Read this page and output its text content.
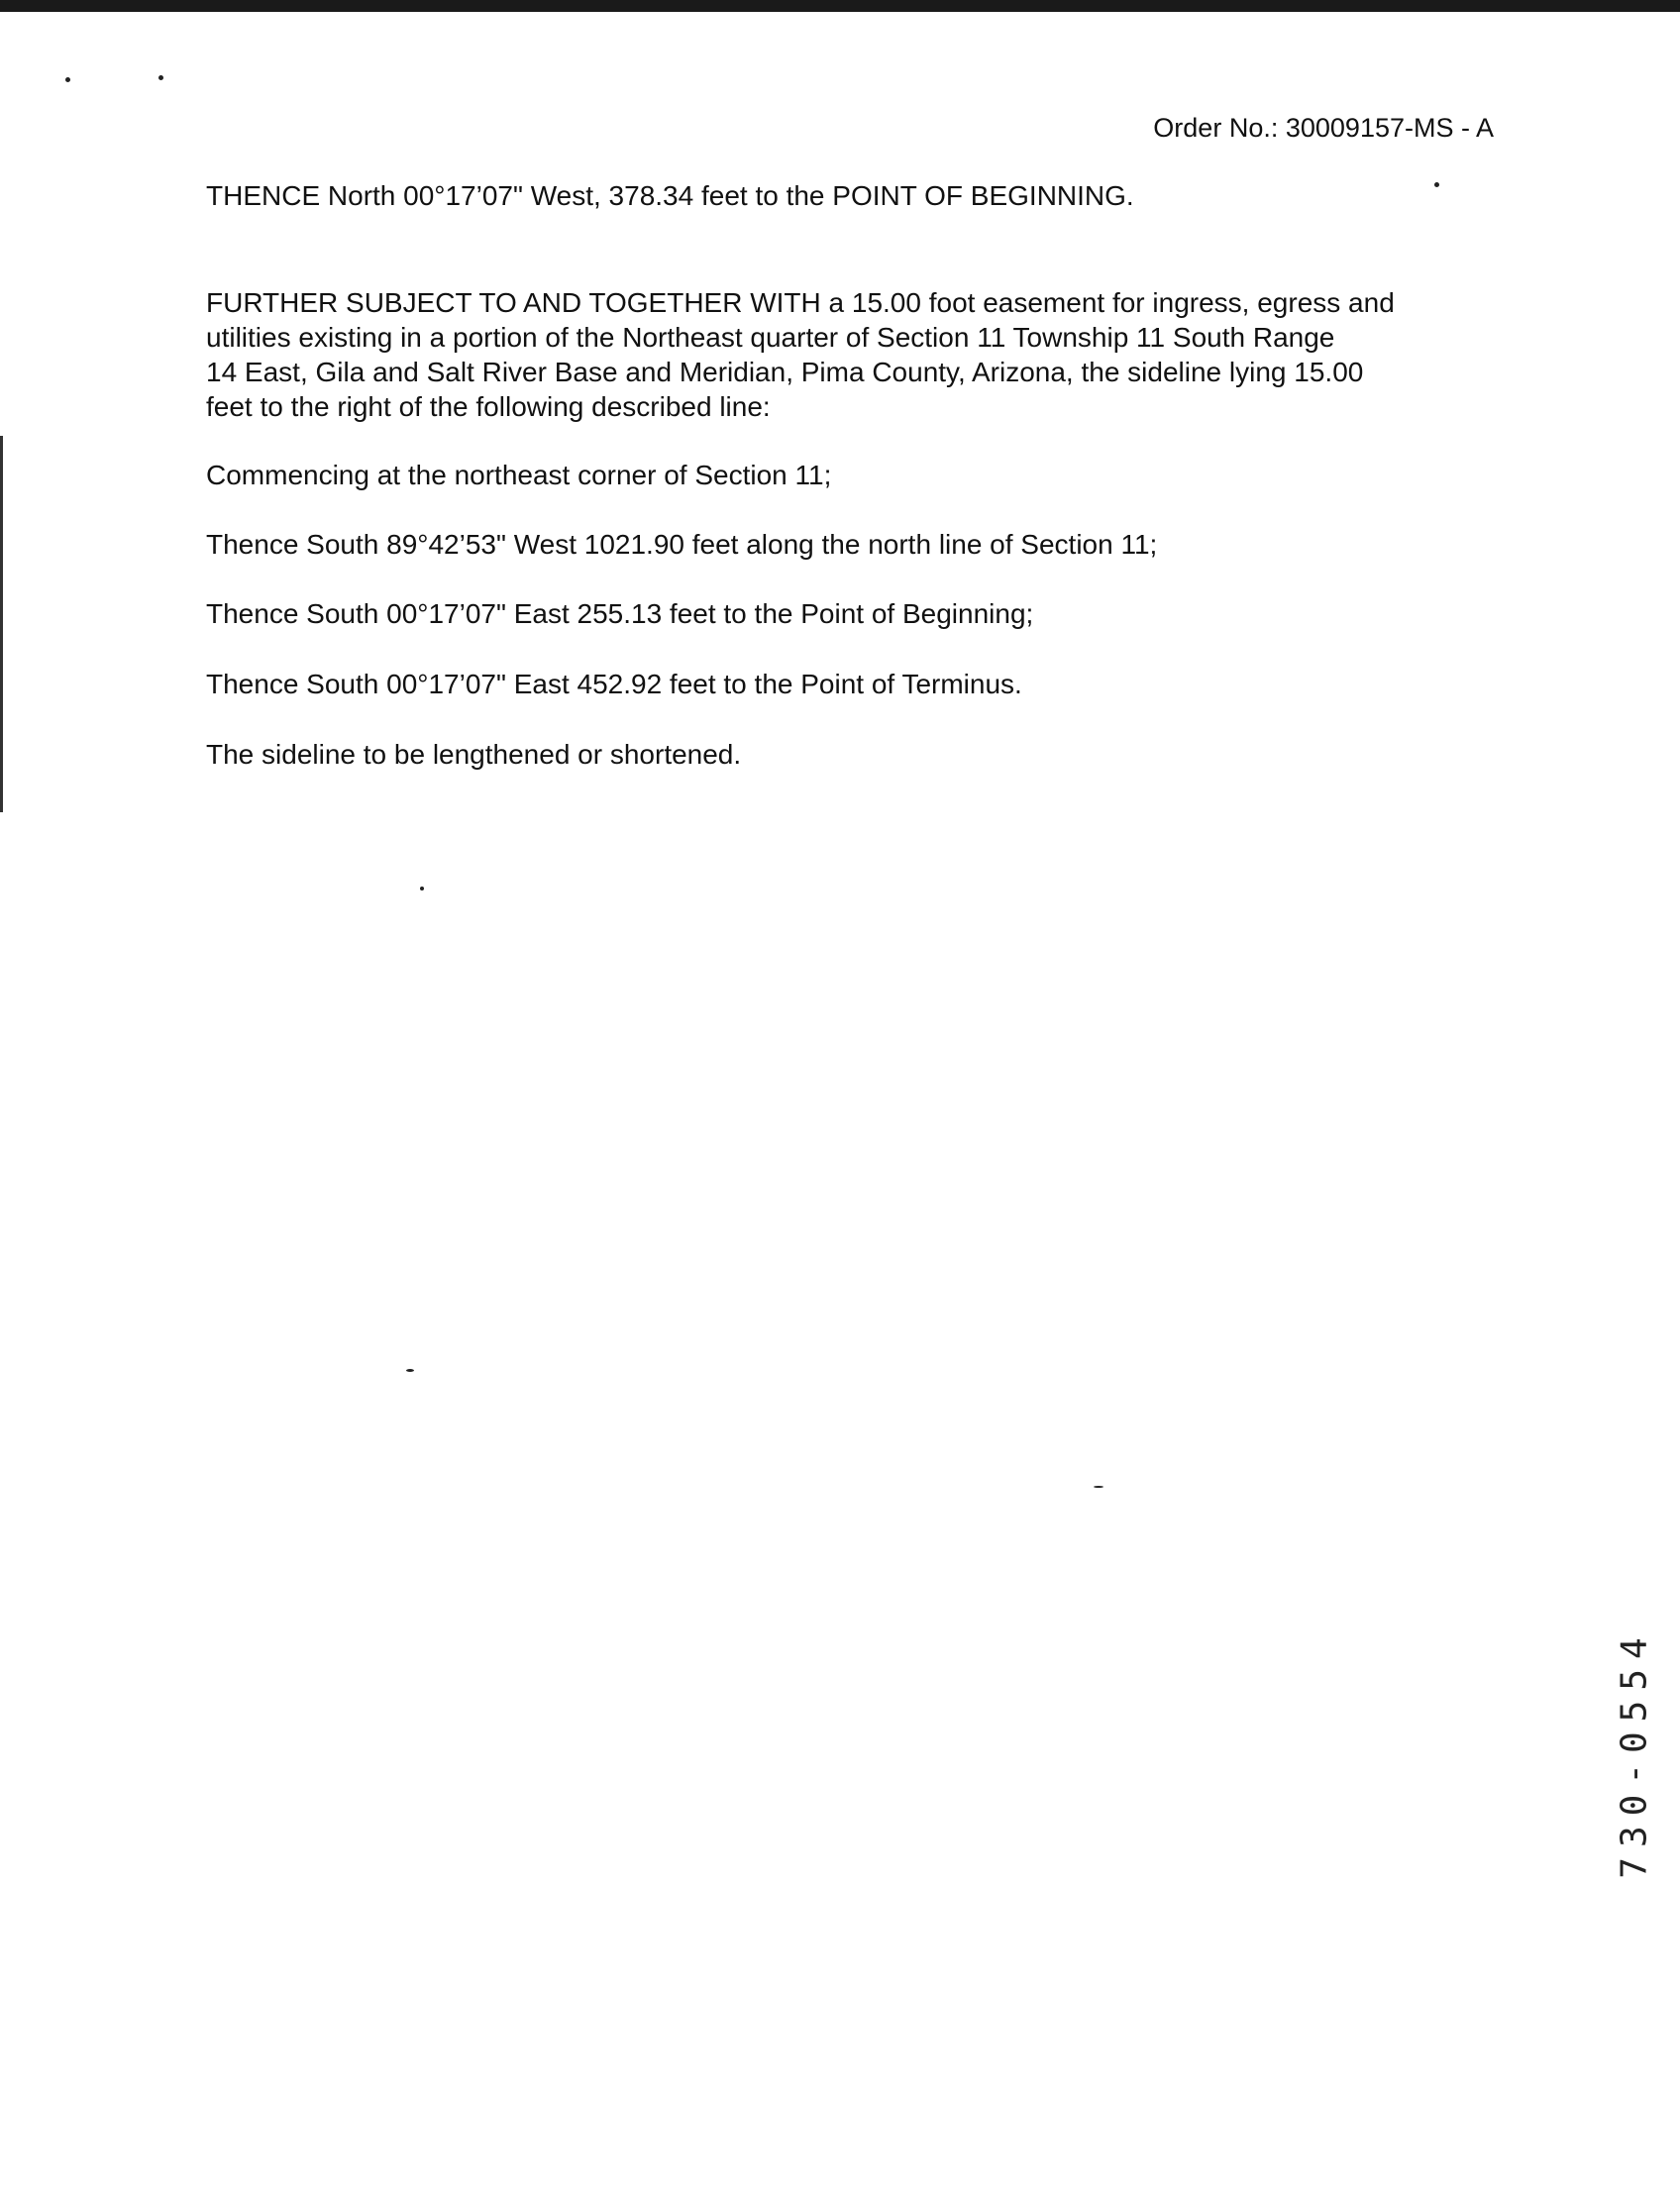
Order No.: 30009157-MS - A
THENCE North 00°17’07" West, 378.34 feet to the POINT OF BEGINNING.
FURTHER SUBJECT TO AND TOGETHER WITH a 15.00 foot easement for ingress, egress and
utilities existing in a portion of the Northeast quarter of Section 11 Township 11 South Range
14 East, Gila and Salt River Base and Meridian, Pima County, Arizona, the sideline lying 15.00
feet to the right of the following described line:
Commencing at the northeast corner of Section 11;
Thence South 89°42’53" West 1021.90 feet along the north line of Section 11;
Thence South 00°17’07" East 255.13 feet to the Point of Beginning;
Thence South 00°17’07" East 452.92 feet to the Point of Terminus.
The sideline to be lengthened or shortened.
730-0554
